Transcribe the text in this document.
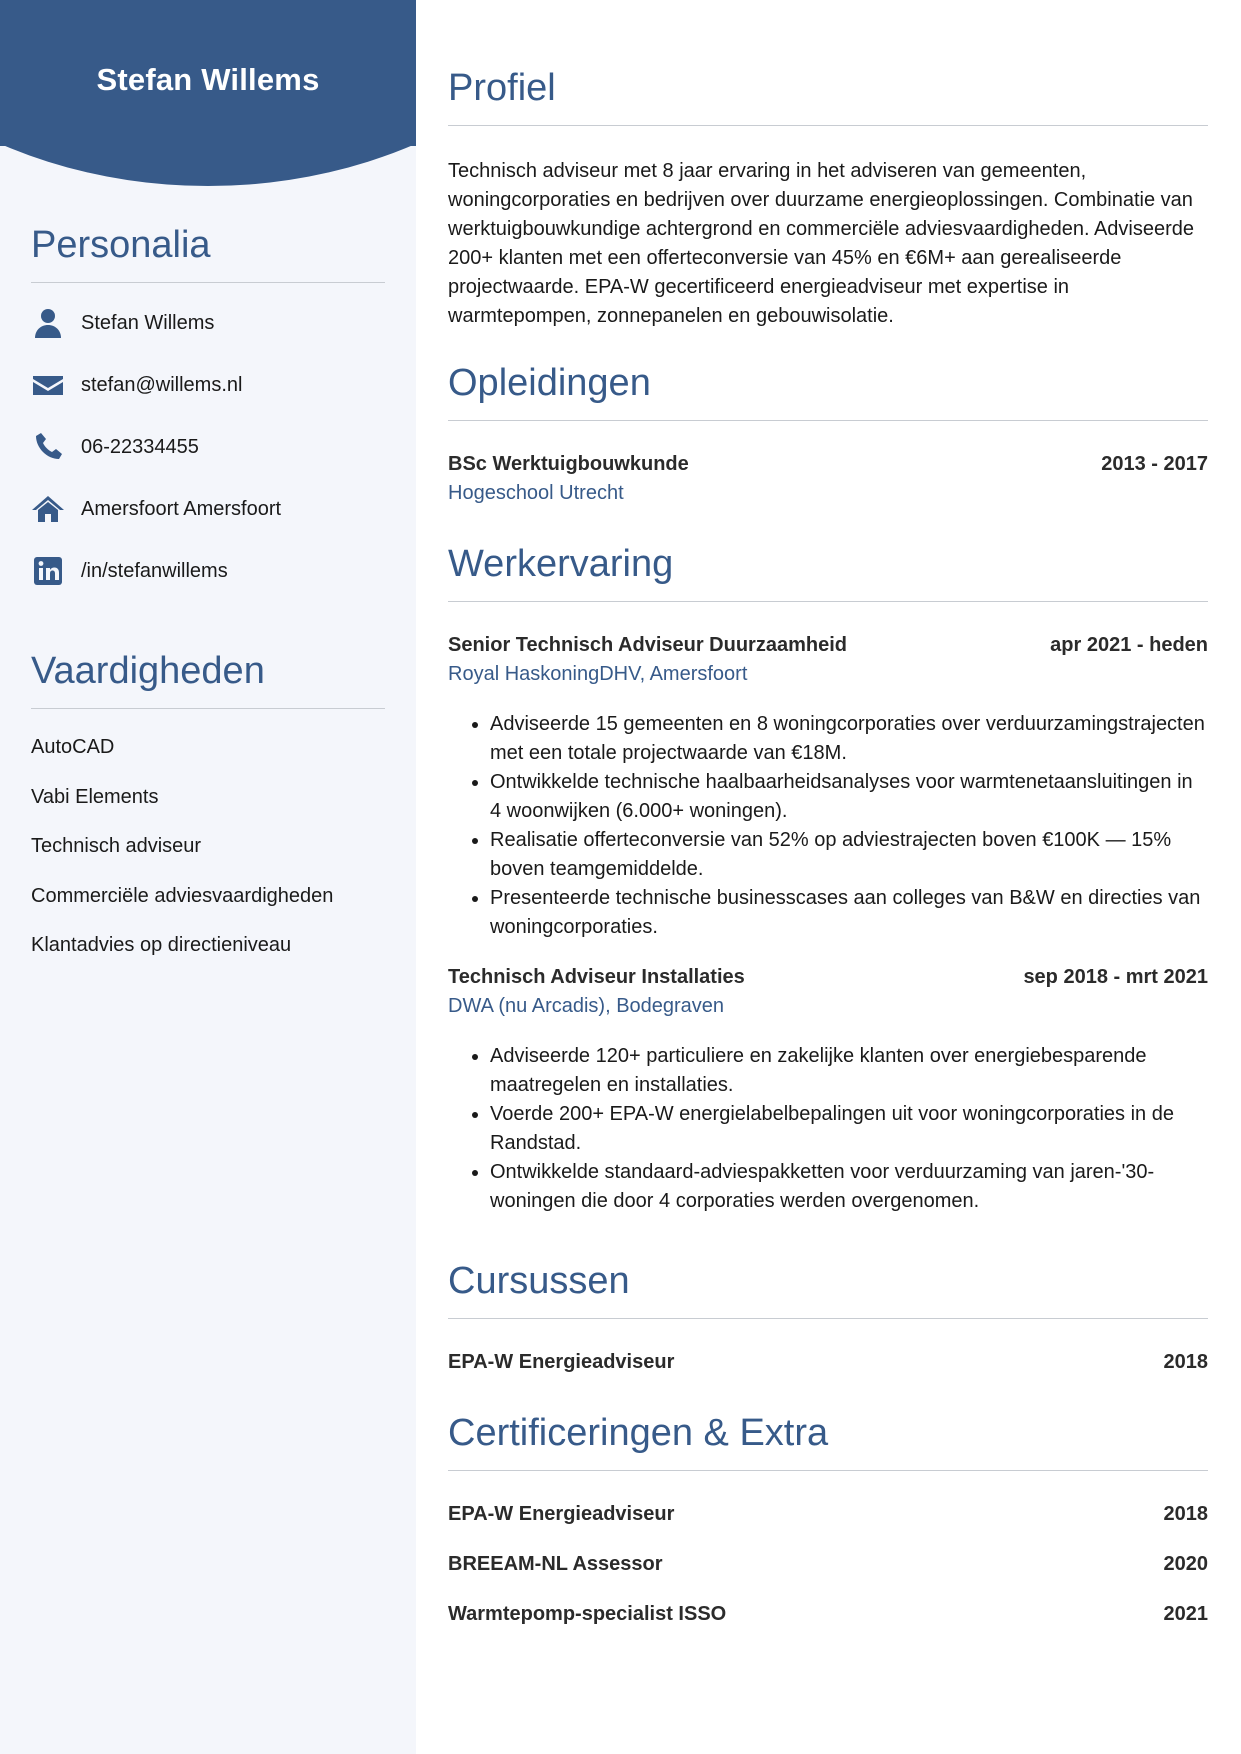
Stefan Willems
Personalia
Stefan Willems
stefan@willems.nl
06-22334455
Amersfoort Amersfoort
/in/stefanwillems
Vaardigheden
AutoCAD
Vabi Elements
Technisch adviseur
Commerciële adviesvaardigheden
Klantadvies op directieniveau
Profiel

Technisch adviseur met 8 jaar ervaring in het adviseren van gemeenten, woningcorporaties en bedrijven over duurzame energieoplossingen. Combinatie van werktuigbouwkundige achtergrond en commerciële adviesvaardigheden. Adviseerde 200+ klanten met een offerteconversie van 45% en €6M+ aan gerealiseerde projectwaarde. EPA-W gecertificeerd energieadviseur met expertise in warmtepompen, zonnepanelen en gebouwisolatie.

Opleidingen
BSc Werktuigbouwkunde	2013 - 2017
Hogeschool Utrecht
Werkervaring
Senior Technisch Adviseur Duurzaamheid	apr 2021 - heden
Royal HaskoningDHV, Amersfoort
• Adviseerde 15 gemeenten en 8 woningcorporaties over verduurzamingstrajecten met een totale projectwaarde van €18M.
• Ontwikkelde technische haalbaarheidsanalyses voor warmtenetaansluitingen in 4 woonwijken (6.000+ woningen).
• Realisatie offerteconversie van 52% op adviestrajecten boven €100K — 15% boven teamgemiddelde.
• Presenteerde technische businesscases aan colleges van B&W en directies van woningcorporaties.
Technisch Adviseur Installaties	sep 2018 - mrt 2021
DWA (nu Arcadis), Bodegraven
• Adviseerde 120+ particuliere en zakelijke klanten over energiebesparende maatregelen en installaties.
• Voerde 200+ EPA-W energielabelbepalingen uit voor woningcorporaties in de Randstad.
• Ontwikkelde standaard-adviespakketten voor verduurzaming van jaren-'30-woningen die door 4 corporaties werden overgenomen.
Cursussen
EPA-W Energieadviseur	2018
Certificeringen & Extra
EPA-W Energieadviseur	2018
BREEAM-NL Assessor	2020
Warmtepomp-specialist ISSO	2021
